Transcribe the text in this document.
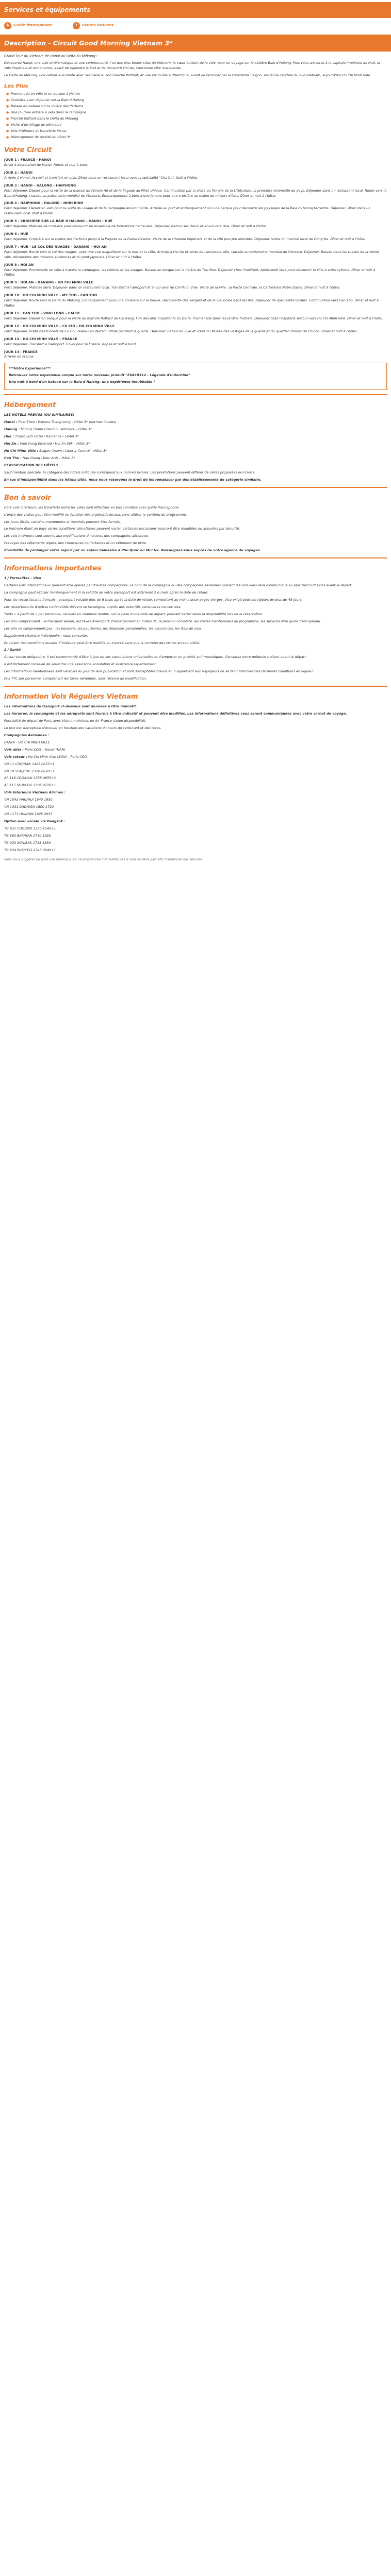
Services et équipements
♟	Guide francophone	✈	Visites incluses
Description - Circuit Good Morning Vietnam 3*
Grand Tour du Vietnam de Hanoi au Delta du Mékong !

Découvrez Hanoi, une ville emblématique et une communauté, l'un des plus beaux sites du Vietnam, le cœur battant de la ville, pour un voyage sur la célèbre Baie d'Halong. Puis vous arriverez à la capitale impériale de Hué, la ville impériale et son charme, avant de rejoindre le Sud et de découvrir Hoi An, l'ancienne ville marchande.

Le Delta du Mékong, une nature luxuriante avec ses canaux, son marché flottant, et une vie locale authentique, avant de terminer par la trépidante Saïgon, ancienne capitale du Sud-Vietnam, aujourd'hui Ho Chi Minh Ville.

Les Plus
● Promenade en vélo et en barque à Hoi An
● Croisière avec déjeuner sur la Baie d'Halong
● Balade en bateau sur la rivière des Parfums
● Une journée entière à vélo dans la campagne
● Marché flottant dans le Delta du Mékong
● Visite d'un village de pêcheurs
● Vols intérieurs et transferts inclus
● Hébergement de qualité en hôtel 3*
Votre Circuit
JOUR 1 : FRANCE - HANOI
Envol à destination de Hanoi. Repas et nuit à bord.
JOUR 2 : HANOI
Arrivée à Hanoi. Accueil et transfert en ville. Dîner dans un restaurant local avec la spécialité "Cha Ca". Nuit à l'hôtel.
JOUR 3 : HANOI – HALONG – HAIPHONG
Petit déjeuner. Départ pour la visite de la maison de l'Oncle Hô et de la Pagode au Pilier Unique. Continuation par la visite du Temple de la Littérature, la première Université du pays. Déjeuner dans un restaurant local. Route vers la Baie d'Halong, classée au patrimoine mondial de l'Unesco. Embarquement à bord d'une jonque pour une croisière au milieu de milliers d'îlots. Dîner et nuit à l'hôtel.
JOUR 4 : HAIPHONG - HALONG - NINH BINH
Petit déjeuner. Départ en vélo pour la visite du village et de la campagne environnante. Arrivée au port et embarquement sur une barque pour découvrir les paysages de la Baie d'Halong terrestre. Déjeuner. Dîner dans un restaurant local. Nuit à l'hôtel.
JOUR 5 : CROISIÈRE SUR LA BAIE D'HALONG – HANOI – HUÉ
Petit déjeuner. Matinée de croisière pour découvrir un ensemble de formations rocheuses. Déjeuner. Retour sur Hanoi et envol vers Hué. Dîner et nuit à l'hôtel.
JOUR 6 : HUÉ
Petit déjeuner. Croisière sur la rivière des Parfums jusqu'à la Pagode de la Dame Céleste. Visite de la citadelle impériale et de la cité pourpre interdite. Déjeuner. Visite du marché local de Dong Ba. Dîner et nuit à l'hôtel.
JOUR 7 : HUÉ – LE COL DES NUAGES - DANANG – HOI AN
Petit déjeuner. Route vers le col des nuages, avec une vue magnifique sur la mer et la côte. Arrivée à Hoi An et visite de l'ancienne ville, classée au patrimoine mondial de l'Unesco. Déjeuner. Balade dans les ruelles de la vieille ville, découverte des maisons anciennes et du pont japonais. Dîner et nuit à l'hôtel.
JOUR 8 : HOI AN
Petit déjeuner. Promenade en vélo à travers la campagne, les rizières et les villages. Balade en barque sur la rivière de Thu Bon. Déjeuner chez l'habitant. Après-midi libre pour découvrir la ville à votre rythme. Dîner et nuit à l'hôtel.
JOUR 9 : HOI AN – DANANG – HO CHI MINH VILLE
Petit déjeuner. Matinée libre. Déjeuner dans un restaurant local. Transfert à l'aéroport et envol vers Ho Chi Minh Ville. Visite de la ville : la Poste Centrale, la Cathédrale Notre Dame. Dîner et nuit à l'hôtel.
JOUR 10 : HO CHI MINH VILLE - MY THO - CAN THO
Petit déjeuner. Route vers le Delta du Mékong. Embarquement pour une croisière sur le fleuve. Découverte des vergers et de la vie locale dans les îles. Déjeuner de spécialités locales. Continuation vers Can Tho. Dîner et nuit à l'hôtel.
JOUR 11 : CAN THO – VINH LONG – CAI BE
Petit déjeuner. Départ en barque pour la visite du marché flottant de Cai Rang, l'un des plus importants du Delta. Promenade dans les jardins fruitiers. Déjeuner chez l'habitant. Retour vers Ho Chi Minh Ville. Dîner et nuit à l'hôtel.
JOUR 12 : HO CHI MINH VILLE – CU CHI – HO CHI MINH VILLE
Petit déjeuner. Visite des tunnels de Cu Chi, réseau souterrain utilisé pendant la guerre. Déjeuner. Retour en ville et visite du Musée des vestiges de la guerre et du quartier chinois de Cholon. Dîner et nuit à l'hôtel.
JOUR 13 : HO CHI MINH VILLE – FRANCE
Petit déjeuner. Transfert à l'aéroport. Envol pour la France. Repas et nuit à bord.
JOUR 14 : FRANCE
Arrivée en France.

***Votre Expérience***

Retrouvez notre expérience unique sur notre nouveau produit "ZVALR112 - Légende d'Indochine"

Une nuit à bord d'un bateau sur la Baie d'Halong, une expérience inoubliable !

Hébergement

LES HÔTELS PRÉVUS (OU SIMILAIRES)

Hanoi : First Eden / Espana Thang Long – Hôtel 3* (normes locales)
Halong : Muong Thanh Grand ou similaire – Hôtel 3*
Hué : Thanh Lich Hotel / Romance – Hôtel 3*
Hoi An : Vinh Hung Emerald / Hoi An Silk – Hôtel 3*
Ho Chi Minh Ville : Saigon Crown / Liberty Central – Hôtel 3*
Can Tho : Hau Giang / Kieu Anh – Hôtel 3*

CLASSIFICATION DES HÔTELS

Sauf mention spéciale, la catégorie des hôtels indiquée correspond aux normes locales. Les prestations peuvent différer de celles proposées en France.

En cas d'indisponibilité dans les hôtels cités, nous nous réservons le droit de les remplacer par des établissements de catégorie similaire.

Bon à savoir

Hors vols intérieurs, les transferts entre les villes sont effectués en bus climatisé avec guide francophone.

L'ordre des visites peut être modifié en fonction des impératifs locaux, sans altérer le contenu du programme.

Les jours fériés, certains monuments et marchés peuvent être fermés.

Le Vietnam étant un pays où les conditions climatiques peuvent varier, certaines excursions pourront être modifiées ou annulées par sécurité.

Les vols intérieurs sont soumis aux modifications d'horaires des compagnies aériennes.

Prévoyez des vêtements légers, des chaussures confortables et un vêtement de pluie.

Possibilité de prolonger votre séjour par un séjour balnéaire à Phu Quoc ou Mui Ne. Renseignez-vous auprès de votre agence de voyages.

Informations importantes

1 / Formalités - Visa

Certains vols internationaux peuvent être opérés par d'autres compagnies. Le nom de la compagnie ou des compagnies aériennes opérant les vols vous sera communiqué au plus tard huit jours avant le départ.

La compagnie peut refuser l'embarquement si la validité de votre passeport est inférieure à 6 mois après la date de retour.

Pour les ressortissants français : passeport valable plus de 6 mois après la date de retour, comportant au moins deux pages vierges. Visa exigé pour les séjours de plus de 45 jours.

Les ressortissants d'autres nationalités doivent se renseigner auprès des autorités consulaires concernées.

Tarifs « à partir de » par personne, calculés en chambre double, sur la base d'une date de départ, pouvant varier selon la disponibilité lors de la réservation.

Les prix comprennent : le transport aérien, les taxes d'aéroport, l'hébergement en hôtels 3*, la pension complète, les visites mentionnées au programme, les services d'un guide francophone.

Les prix ne comprennent pas : les boissons, les pourboires, les dépenses personnelles, les assurances, les frais de visa.

Supplément chambre individuelle : nous consulter.

En raison des conditions locales, l'itinéraire peut être modifié ou inversé sans que le contenu des visites en soit altéré.

2 / Santé

Aucun vaccin obligatoire. Il est recommandé d'être à jour de ses vaccinations universelles et d'emporter un produit anti-moustiques. Consultez votre médecin traitant avant le départ.

Il est fortement conseillé de souscrire une assurance annulation et assistance rapatriement.

Les informations mentionnées sont valables au jour de leur publication et sont susceptibles d'évoluer. Il appartient aux voyageurs de se tenir informés des dernières conditions en vigueur.

Prix TTC par personne, comprenant les taxes aériennes, sous réserve de modification.

Information Vols Réguliers Vietnam

Les informations de transport ci-dessous sont données à titre indicatif.

Les horaires, la compagnie et les aéroports sont fournis à titre indicatif et peuvent être modifiés. Les informations définitives vous seront communiquées avec votre carnet de voyage.

Possibilité de départ de Paris avec Vietnam Airlines ou Air France (selon disponibilité).

Le prix est susceptible d'évoluer en fonction des variations du cours du carburant et des taxes.

Compagnies Aériennes :

HANOI - HO CHI MINH VILLE

Vols aller : Paris CDG – Hanoi (HAN)
Vols retour : Ho Chi Minh Ville (SGN) – Paris CDG

VN 11 CDG/HAN 1425 0655+1

VN 10 SGN/CDG 2320 0620+1

AF 118 CDG/HAN 1355 0655+1

AF 115 SGN/CDG 2305 0720+1

Vols intérieurs Vietnam Airlines :

VN 1543 HAN/HUI 1840 1950

VN 1331 DAD/SGN 1600 1720

VN 1171 HUI/HAN 1925 2035

Option avec escale via Bangkok :

TG 931 CDG/BKK 2320 1545+1

TG 560 BKK/HAN 1740 1930

TG 933 SGN/BKK 1715 1850

TG 934 BKK/CDG 2345 0640+1

Vous nous suggérez ou avez une remarque sur ce programme ? N'hésitez pas à nous en faire part afin d'améliorer nos services.
